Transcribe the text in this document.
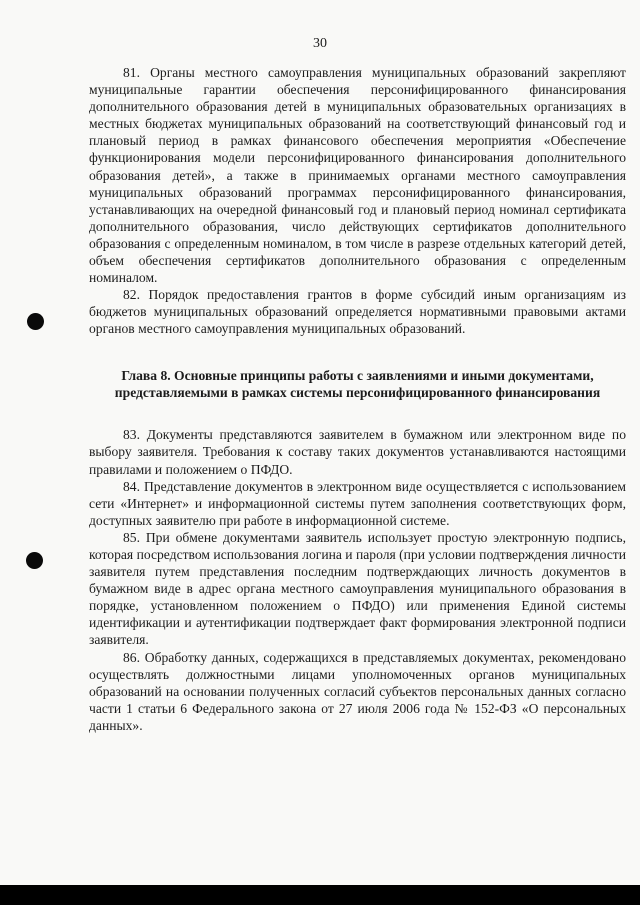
30

81. Органы местного самоуправления муниципальных образований закрепляют муниципальные гарантии обеспечения персонифицированного финансирования дополнительного образования детей в муниципальных образовательных организациях в местных бюджетах муниципальных образований на соответствующий финансовый год и плановый период в рамках финансового обеспечения мероприятия «Обеспечение функционирования модели персонифицированного финансирования дополнительного образования детей», а также в принимаемых органами местного самоуправления муниципальных образований программах персонифицированного финансирования, устанавливающих на очередной финансовый год и плановый период номинал сертификата дополнительного образования, число действующих сертификатов дополнительного образования с определенным номиналом, в том числе в разрезе отдельных категорий детей, объем обеспечения сертификатов дополнительного образования с определенным номиналом.

82. Порядок предоставления грантов в форме субсидий иным организациям из бюджетов муниципальных образований определяется нормативными правовыми актами органов местного самоуправления муниципальных образований.

Глава 8. Основные принципы работы с заявлениями и иными документами, представляемыми в рамках системы персонифицированного финансирования

83. Документы представляются заявителем в бумажном или электронном виде по выбору заявителя. Требования к составу таких документов устанавливаются настоящими правилами и положением о ПФДО.

84. Представление документов в электронном виде осуществляется с использованием сети «Интернет» и информационной системы путем заполнения соответствующих форм, доступных заявителю при работе в информационной системе.

85. При обмене документами заявитель использует простую электронную подпись, которая посредством использования логина и пароля (при условии подтверждения личности заявителя путем представления последним подтверждающих личность документов в бумажном виде в адрес органа местного самоуправления муниципального образования в порядке, установленном положением о ПФДО) или применения Единой системы идентификации и аутентификации подтверждает факт формирования электронной подписи заявителя.

86. Обработку данных, содержащихся в представляемых документах, рекомендовано осуществлять должностными лицами уполномоченных органов муниципальных образований на основании полученных согласий субъектов персональных данных согласно части 1 статьи 6 Федерального закона от 27 июля 2006 года № 152-ФЗ «О персональных данных».
